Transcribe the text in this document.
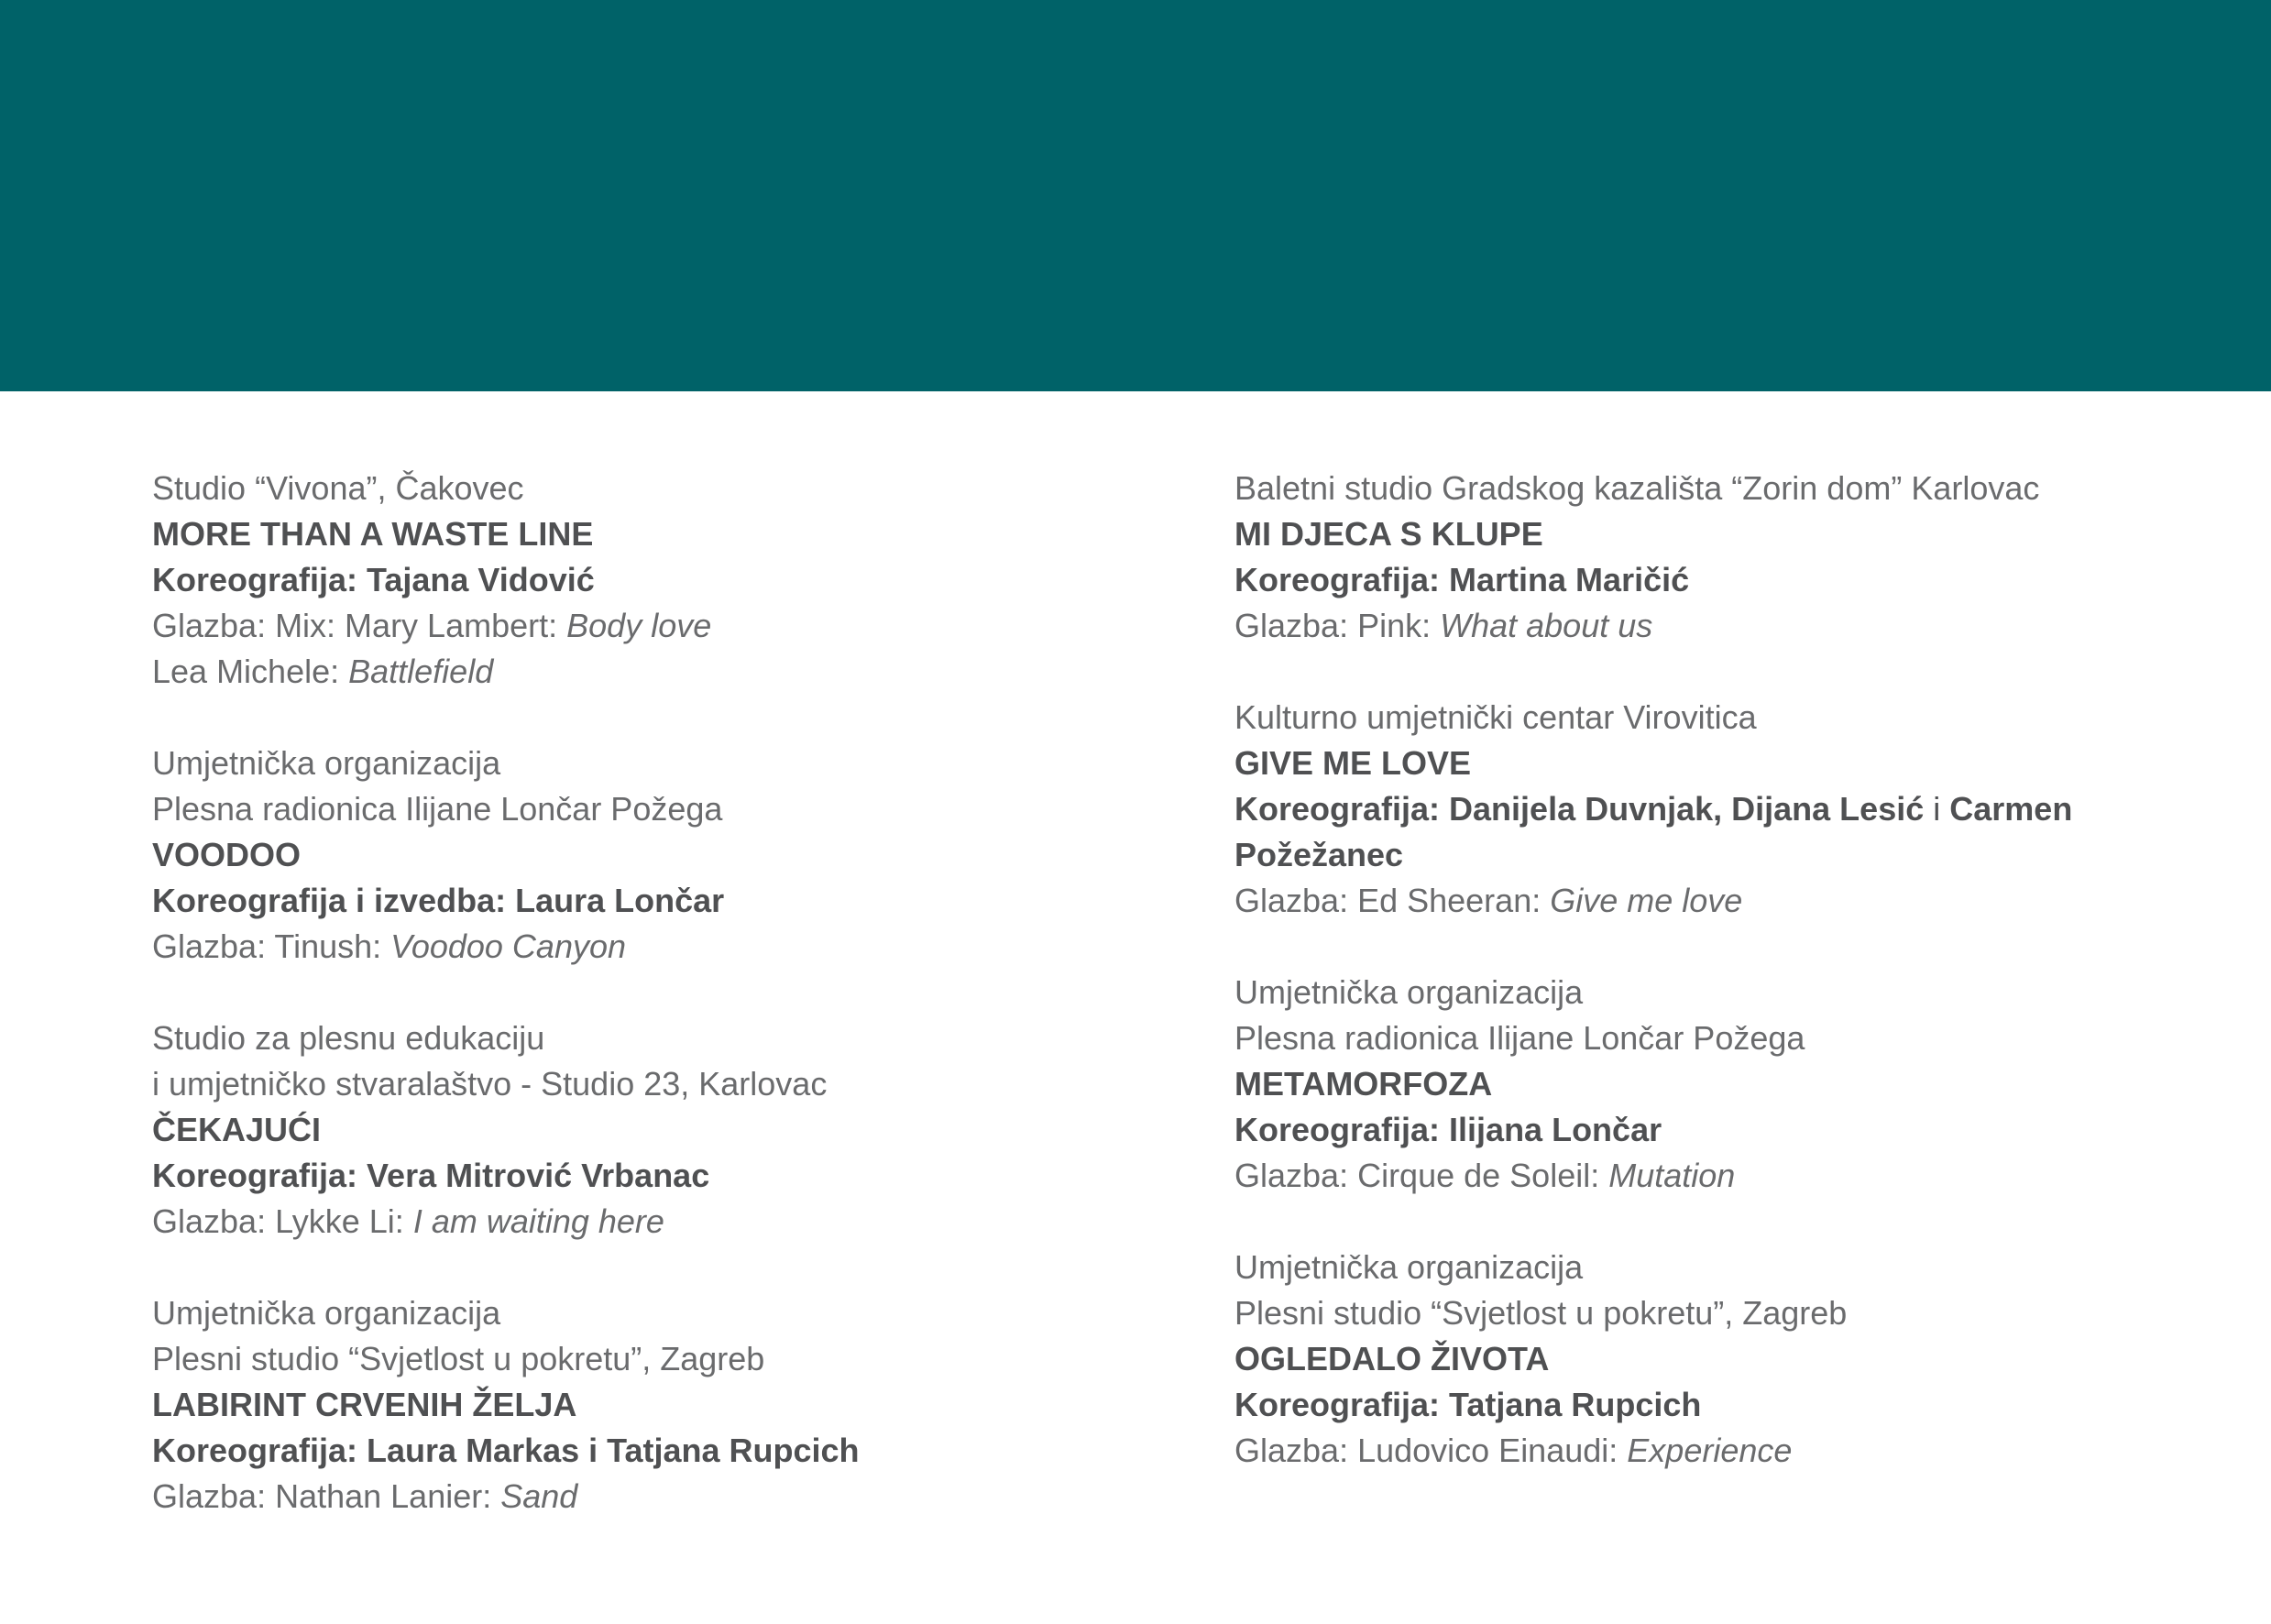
Studio “Vivona”, Čakovec
MORE THAN A WASTE LINE
Koreografija: Tajana Vidović
Glazba: Mix: Mary Lambert: Body love
Lea Michele: Battlefield
Umjetnička organizacija
Plesna radionica Ilijane Lončar Požega
VOODOO
Koreografija i izvedba: Laura Lončar
Glazba: Tinush: Voodoo Canyon
Studio za plesnu edukaciju
i umjetničko stvaralaštvo - Studio 23, Karlovac
ČEKAJUĆI
Koreografija: Vera Mitrović Vrbanac
Glazba: Lykke Li: I am waiting here
Umjetnička organizacija
Plesni studio “Svjetlost u pokretu”, Zagreb
LABIRINT CRVENIH ŽELJA
Koreografija: Laura Markas i Tatjana Rupcich
Glazba: Nathan Lanier: Sand
Baletni studio Gradskog kazališta “Zorin dom” Karlovac
MI DJECA S KLUPE
Koreografija: Martina Maričić
Glazba: Pink: What about us
Kulturno umjetnički centar Virovitica
GIVE ME LOVE
Koreografija: Danijela Duvnjak, Dijana Lesić i Carmen Požežanec
Glazba: Ed Sheeran: Give me love
Umjetnička organizacija
Plesna radionica Ilijane Lončar Požega
METAMORFOZA
Koreografija: Ilijana Lončar
Glazba: Cirque de Soleil: Mutation
Umjetnička organizacija
Plesni studio “Svjetlost u pokretu”, Zagreb
OGLEDALO ŽIVOTA
Koreografija: Tatjana Rupcich
Glazba: Ludovico Einaudi: Experience
